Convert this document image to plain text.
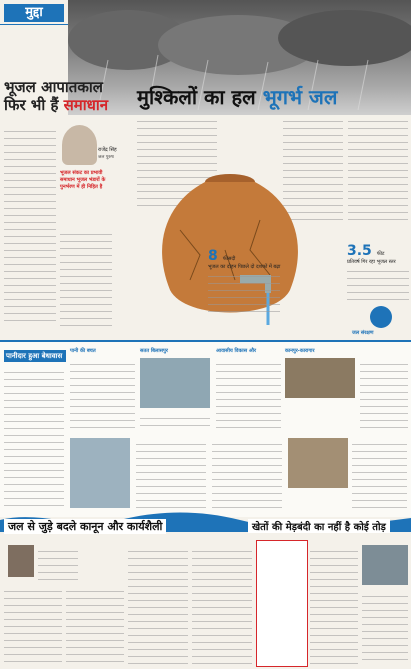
मुद्दा
भूजल आपातकाल
फिर भी हैं समाधान मुश्किलों का हल भूगर्भ जल
राजेंद्र सिंह
जल पुरुष
भूजल संकट का प्रभावी समाधान भूजल भंडारों के पुनर्भरण में ही निहित है
8 फीसदी
भूजल का दोहन पिछले दो दशकों में बढ़ा
3.5 फीट
प्रतिवर्ष गिर रहा भूजल स्तर
जल संरक्षण
पानीदार हुआ बेधावास
पानी की बचत	सतत बिलासपुर	आवासीय विकास और	कानपुर-कारागार
जल से जुड़े बदले कानून और कार्यशैली	खेतों की मेड़बंदी का नहीं है कोई तोड़
